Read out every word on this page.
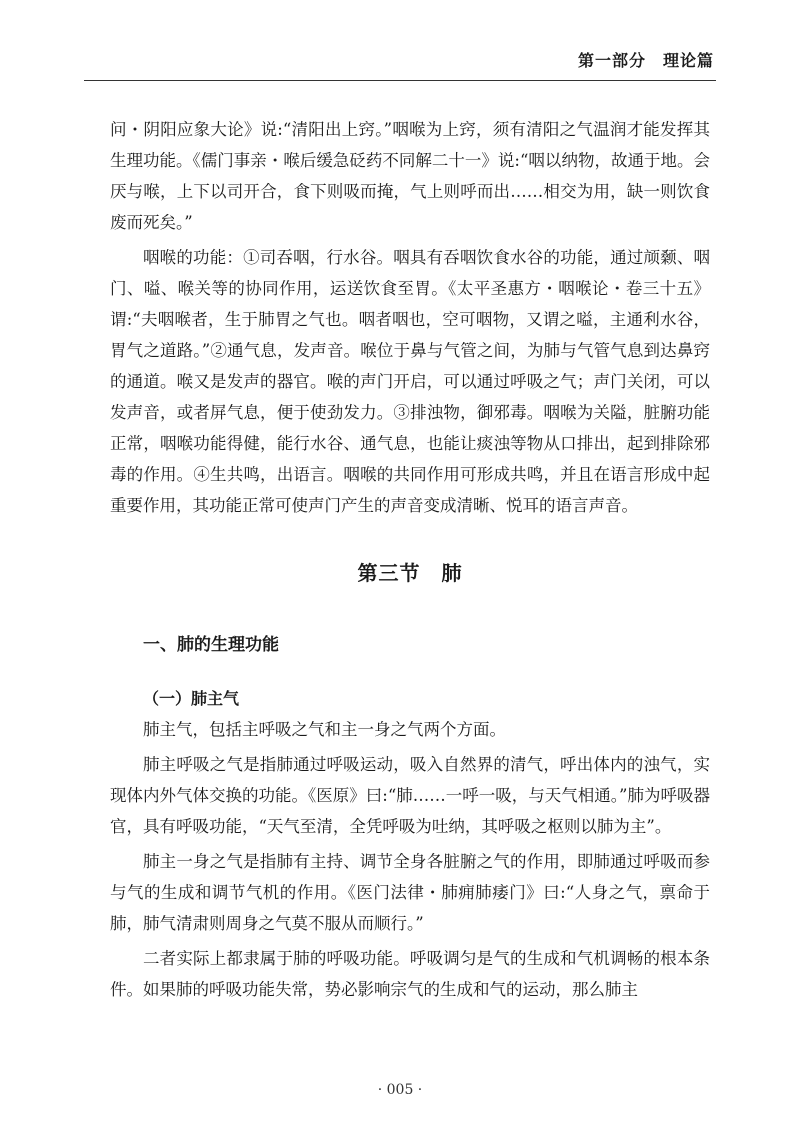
第一部分　理论篇

问・阴阳应象大论》说:“清阳出上窍。”咽喉为上窍，须有清阳之气温润才能发挥其生理功能。《儒门事亲・喉后缓急砭药不同解二十一》说:“咽以纳物，故通于地。会厌与喉，上下以司开合，食下则吸而掩，气上则呼而出……相交为用，缺一则饮食废而死矣。”

咽喉的功能：①司吞咽，行水谷。咽具有吞咽饮食水谷的功能，通过颃颡、咽门、嗌、喉关等的协同作用，运送饮食至胃。《太平圣惠方・咽喉论・卷三十五》谓:“夫咽喉者，生于肺胃之气也。咽者咽也，空可咽物，又谓之嗌，主通利水谷，胃气之道路。”②通气息，发声音。喉位于鼻与气管之间，为肺与气管气息到达鼻窍的通道。喉又是发声的器官。喉的声门开启，可以通过呼吸之气；声门关闭，可以发声音，或者屏气息，便于使劲发力。③排浊物，御邪毒。咽喉为关隘，脏腑功能正常，咽喉功能得健，能行水谷、通气息，也能让痰浊等物从口排出，起到排除邪毒的作用。④生共鸣，出语言。咽喉的共同作用可形成共鸣，并且在语言形成中起重要作用，其功能正常可使声门产生的声音变成清晰、悦耳的语言声音。

第三节　肺
一、肺的生理功能
（一）肺主气

肺主气，包括主呼吸之气和主一身之气两个方面。

肺主呼吸之气是指肺通过呼吸运动，吸入自然界的清气，呼出体内的浊气，实现体内外气体交换的功能。《医原》曰:“肺……一呼一吸，与天气相通。”肺为呼吸器官，具有呼吸功能，“天气至清，全凭呼吸为吐纳，其呼吸之枢则以肺为主”。

肺主一身之气是指肺有主持、调节全身各脏腑之气的作用，即肺通过呼吸而参与气的生成和调节气机的作用。《医门法律・肺痈肺痿门》曰:“人身之气，禀命于肺，肺气清肃则周身之气莫不服从而顺行。”

二者实际上都隶属于肺的呼吸功能。呼吸调匀是气的生成和气机调畅的根本条件。如果肺的呼吸功能失常，势必影响宗气的生成和气的运动，那么肺主

· 005 ·
